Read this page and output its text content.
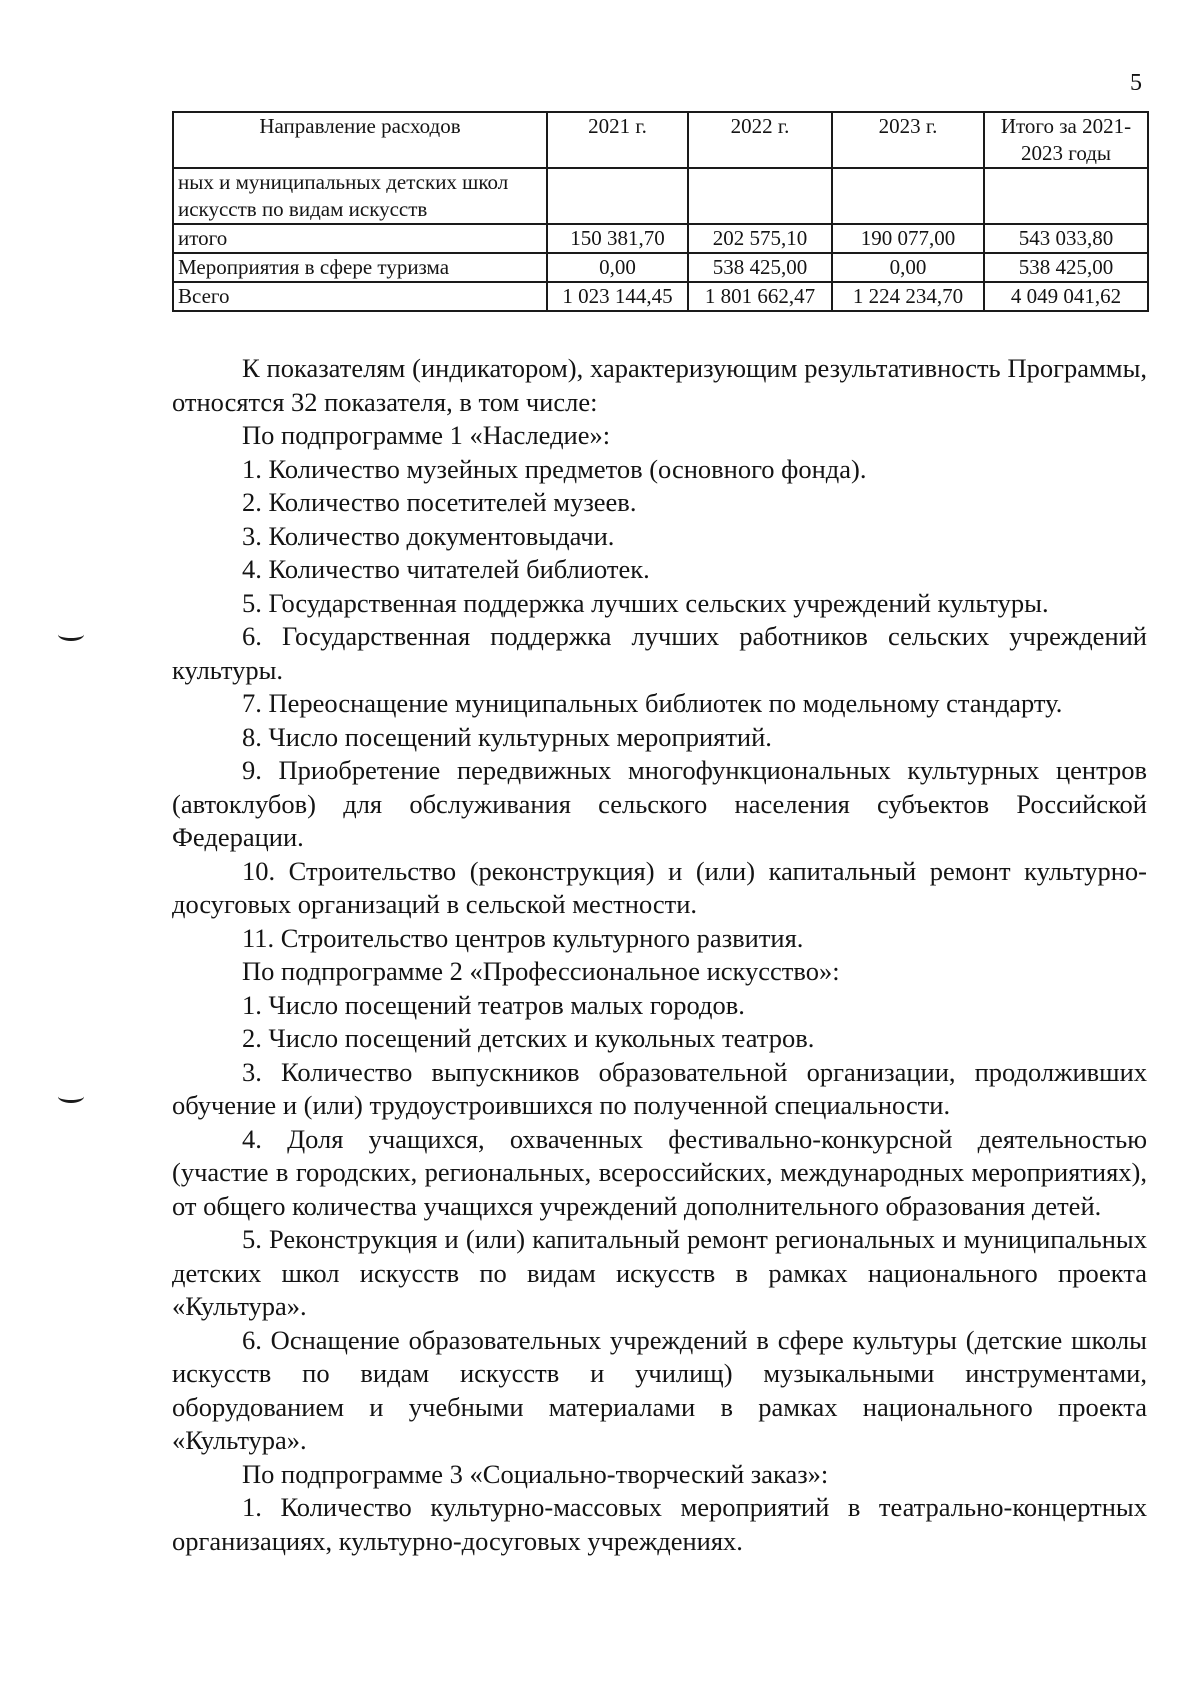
5
Направление расходов	2021 г.	2022 г.	2023 г.	Итого за 2021-2023 годы
ных и муниципальных детских школ искусств по видам искусств				
итого	150 381,70	202 575,10	190 077,00	543 033,80
Мероприятия в сфере туризма	0,00	538 425,00	0,00	538 425,00
Всего	1 023 144,45	1 801 662,47	1 224 234,70	4 049 041,62

К показателям (индикатором), характеризующим результативность Программы, относятся 32 показателя, в том числе:

По подпрограмме 1 «Наследие»:

1. Количество музейных предметов (основного фонда).

2. Количество посетителей музеев.

3. Количество документовыдачи.

4. Количество читателей библиотек.

5. Государственная поддержка лучших сельских учреждений культуры.

6. Государственная поддержка лучших работников сельских учреждений культуры.

7. Переоснащение муниципальных библиотек по модельному стандарту.

8. Число посещений культурных мероприятий.

9. Приобретение передвижных многофункциональных культурных центров (автоклубов) для обслуживания сельского населения субъектов Российской Федерации.

10. Строительство (реконструкция) и (или) капитальный ремонт культурно-досуговых организаций в сельской местности.

11. Строительство центров культурного развития.

По подпрограмме 2 «Профессиональное искусство»:

1. Число посещений театров малых городов.

2. Число посещений детских и кукольных театров.

3. Количество выпускников образовательной организации, продолживших обучение и (или) трудоустроившихся по полученной специальности.

4. Доля учащихся, охваченных фестивально-конкурсной деятельностью (участие в городских, региональных, всероссийских, международных мероприятиях), от общего количества учащихся учреждений дополнительного образования детей.

5. Реконструкция и (или) капитальный ремонт региональных и муниципальных детских школ искусств по видам искусств в рамках национального проекта «Культура».

6. Оснащение образовательных учреждений в сфере культуры (детские школы искусств по видам искусств и училищ) музыкальными инструментами, оборудованием и учебными материалами в рамках национального проекта «Культура».

По подпрограмме 3 «Социально-творческий заказ»:

1. Количество культурно-массовых мероприятий в театрально-концертных организациях, культурно-досуговых учреждениях.
